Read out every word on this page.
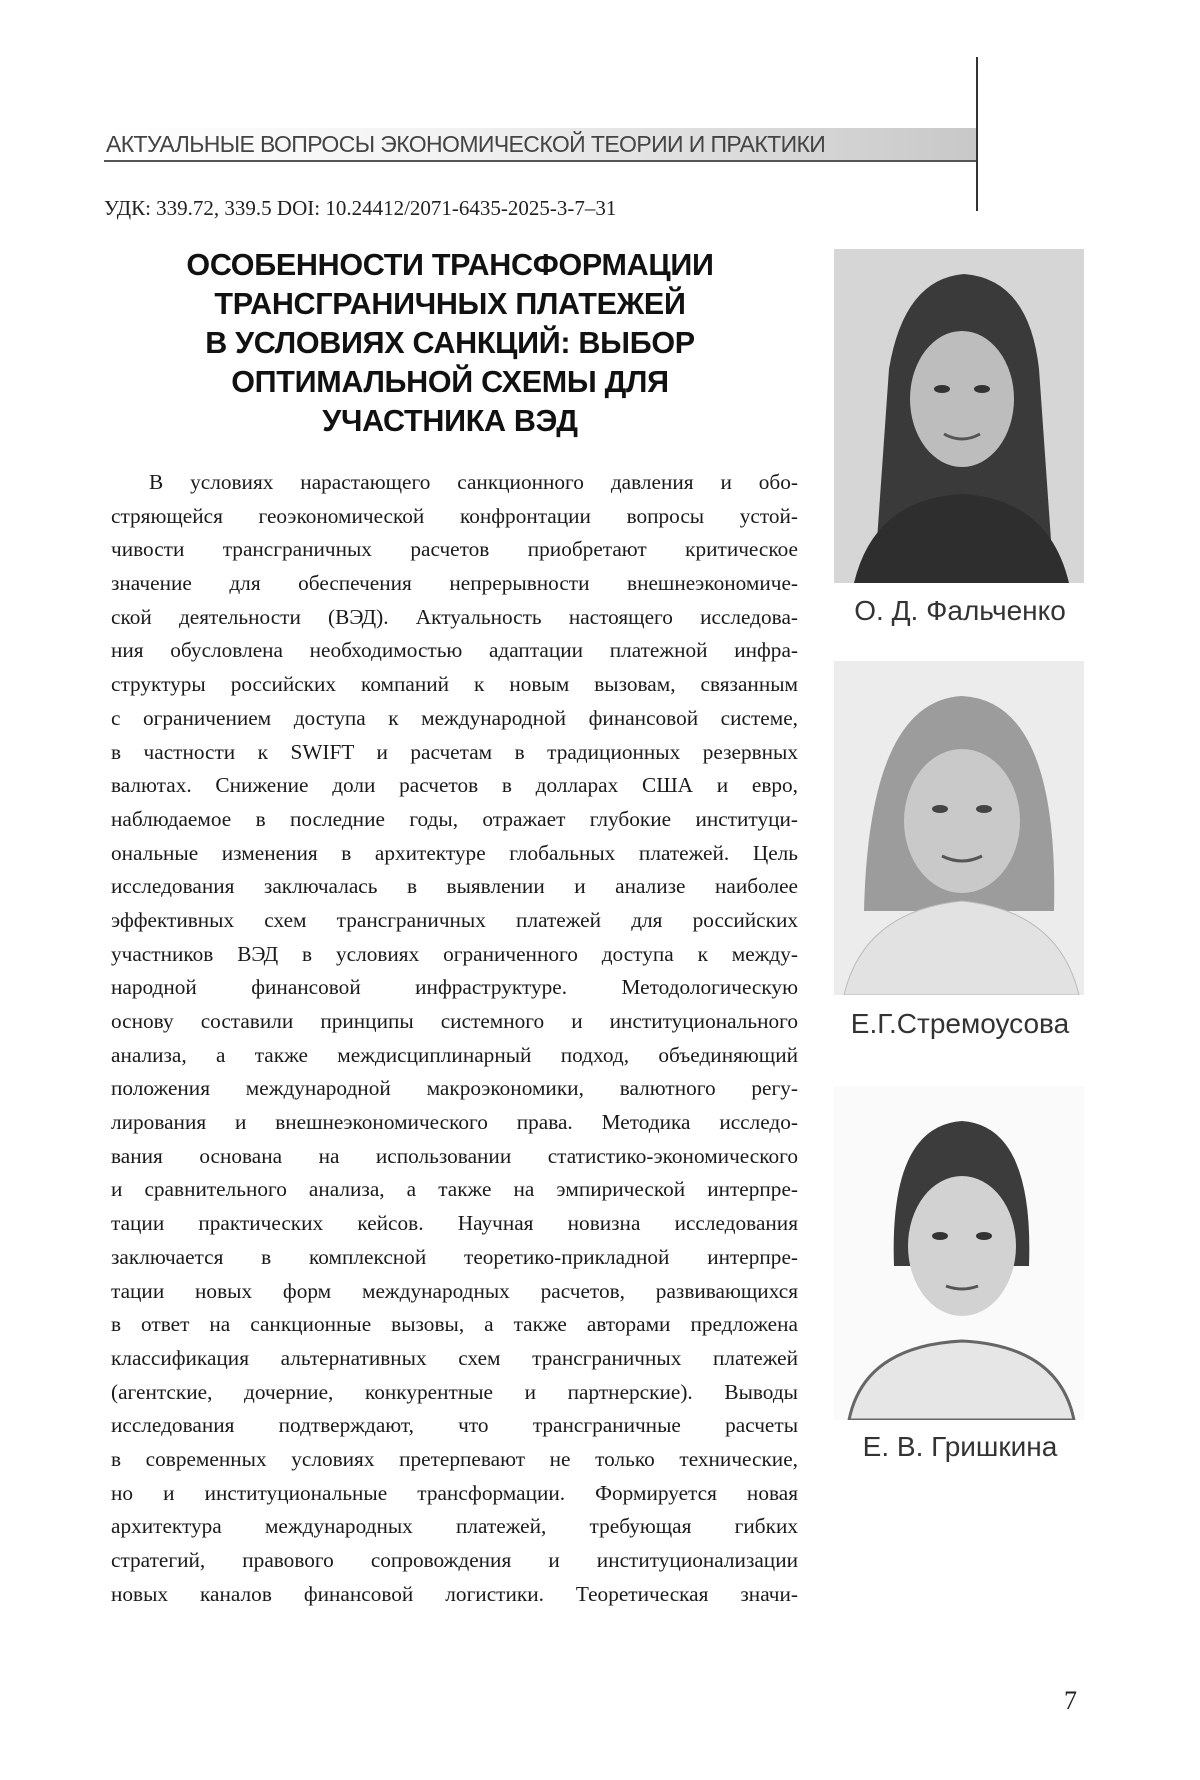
АКТУАЛЬНЫЕ ВОПРОСЫ ЭКОНОМИЧЕСКОЙ ТЕОРИИ И ПРАКТИКИ
УДК: 339.72, 339.5 DOI: 10.24412/2071-6435-2025-3-7–31
ОСОБЕННОСТИ ТРАНСФОРМАЦИИ
ТРАНСГРАНИЧНЫХ ПЛАТЕЖЕЙ
В УСЛОВИЯХ САНКЦИЙ: ВЫБОР
ОПТИМАЛЬНОЙ СХЕМЫ ДЛЯ
УЧАСТНИКА ВЭД
В условиях нарастающего санкционного давления и обо-
стряющейся геоэкономической конфронтации вопросы устой-
чивости трансграничных расчетов приобретают критическое
значение для обеспечения непрерывности внешнеэкономиче-
ской деятельности (ВЭД). Актуальность настоящего исследова-
ния обусловлена необходимостью адаптации платежной инфра-
структуры российских компаний к новым вызовам, связанным
с ограничением доступа к международной финансовой системе,
в частности к SWIFT и расчетам в традиционных резервных
валютах. Снижение доли расчетов в долларах США и евро,
наблюдаемое в последние годы, отражает глубокие институци-
ональные изменения в архитектуре глобальных платежей. Цель
исследования заключалась в выявлении и анализе наиболее
эффективных схем трансграничных платежей для российских
участников ВЭД в условиях ограниченного доступа к между-
народной финансовой инфраструктуре. Методологическую
основу составили принципы системного и институционального
анализа, а также междисциплинарный подход, объединяющий
положения международной макроэкономики, валютного регу-
лирования и внешнеэкономического права. Методика исследо-
вания основана на использовании статистико-экономического
и сравнительного анализа, а также на эмпирической интерпре-
тации практических кейсов. Научная новизна исследования
заключается в комплексной теоретико-прикладной интерпре-
тации новых форм международных расчетов, развивающихся
в ответ на санкционные вызовы, а также авторами предложена
классификация альтернативных схем трансграничных платежей
(агентские, дочерние, конкурентные и партнерские). Выводы
исследования подтверждают, что трансграничные расчеты
в современных условиях претерпевают не только технические,
но и институциональные трансформации. Формируется новая
архитектура международных платежей, требующая гибких
стратегий, правового сопровождения и институционализации
новых каналов финансовой логистики. Теоретическая значи-
О. Д. Фальченко
Е.Г.Стремоусова
Е. В. Гришкина
7
